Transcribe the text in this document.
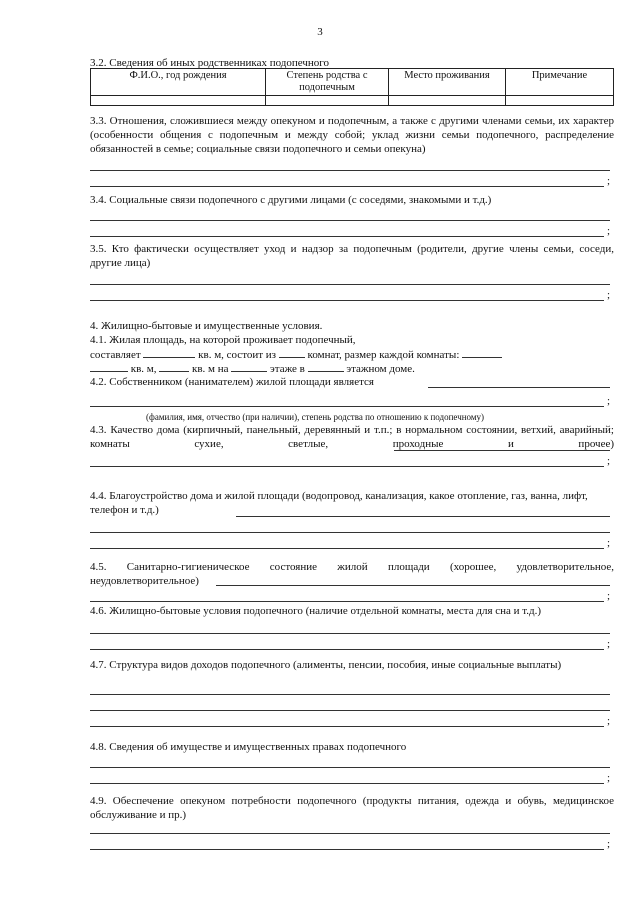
3
3.2. Сведения об иных родственниках подопечного
Ф.И.О., год рождения	Степень родства с подопечным	Место проживания	Примечание

3.3. Отношения, сложившиеся между опекуном и подопечным, а также с другими членами семьи, их характер (особенности общения с подопечным и между собой; уклад жизни семьи подопечного, распределение обязанностей в семье; социальные связи подопечного и семьи опекуна)
;
3.4. Социальные связи подопечного с другими лицами (с соседями, знакомыми и т.д.)
;
3.5. Кто фактически осуществляет уход и надзор за подопечным (родители, другие члены семьи, соседи, другие лица)
;
4. Жилищно-бытовые и имущественные условия.
4.1. Жилая площадь, на которой проживает подопечный,
составляет	кв. м, состоит из	комнат, размер каждой комнаты:
кв. м,	кв. м на	этаже в	этажном доме.
4.2. Собственником (нанимателем) жилой площади является
;
(фамилия, имя, отчество (при наличии), степень родства по отношению к подопечному)
4.3. Качество дома (кирпичный, панельный, деревянный и т.п.; в нормальном состоянии, ветхий, аварийный; комнаты сухие, светлые, проходные и прочее)
;
4.4. Благоустройство дома и жилой площади (водопровод, канализация, какое отопление, газ, ванна, лифт, телефон и т.д.)
;
4.5. Санитарно-гигиеническое состояние жилой площади (хорошее, удовлетворительное, неудовлетворительное)
;
4.6. Жилищно-бытовые условия подопечного (наличие отдельной комнаты, места для сна и т.д.)
;
4.7. Структура видов доходов подопечного (алименты, пенсии, пособия, иные социальные выплаты)
;
4.8. Сведения об имуществе и имущественных правах подопечного
;
4.9. Обеспечение опекуном потребности подопечного (продукты питания, одежда и обувь, медицинское обслуживание и пр.)
;
